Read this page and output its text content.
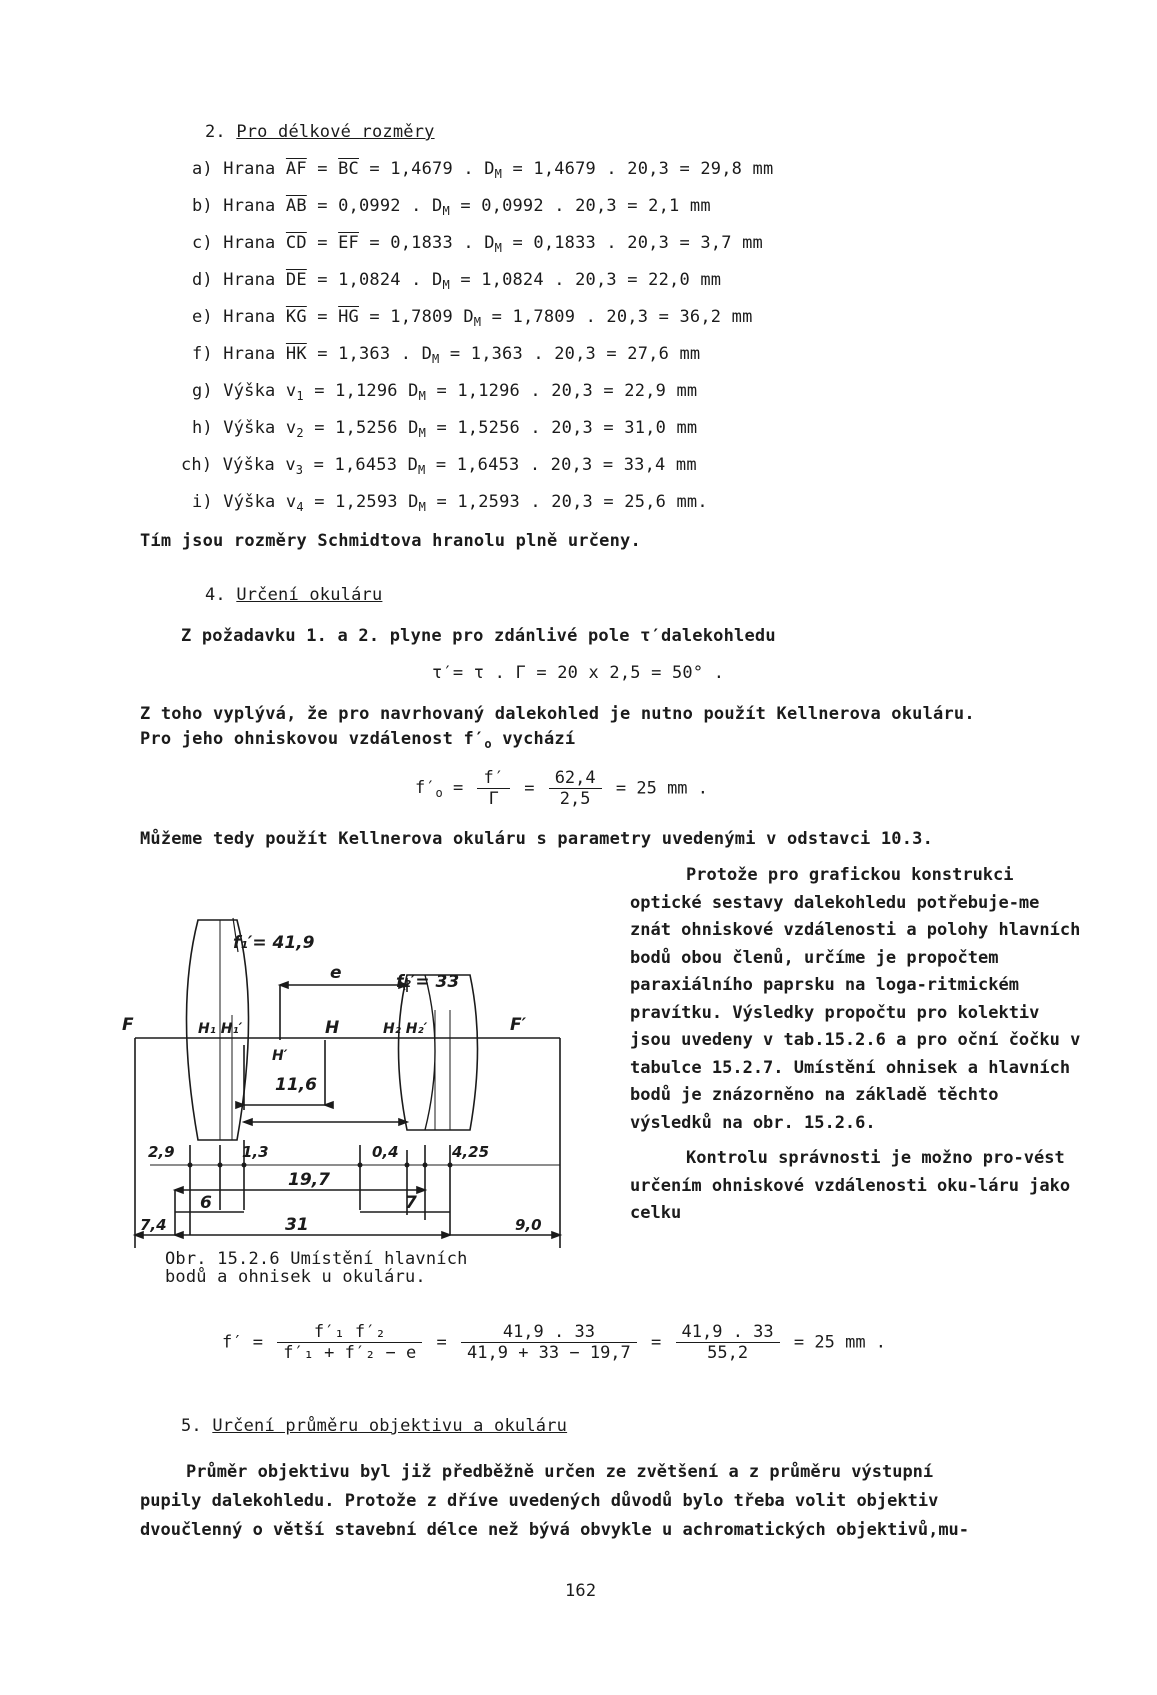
2. Pro délkové rozměry
a) Hrana $\overline{AF} = \overline{BC} = 1,4679$ . $D_M = 1,4679$ . 20,3 = 29,8 mm
b) Hrana $\overline{AB} = 0,0992$ . $D_M = 0,0992$ . 20,3 = 2,1 mm
c) Hrana $\overline{CD} = \overline{EF} = 0,1833$ . $D_M = 0,1833$ . 20,3 = 3,7 mm
d) Hrana $\overline{DE} = 1,0824$ . $D_M = 1,0824$ . 20,3 = 22,0 mm
e) Hrana $\overline{KG} = \overline{HG} = 1,7809$ $D_M = 1,7809$ . 20,3 = 36,2 mm
f) Hrana $\overline{HK} = 1,363$ . $D_M = 1,363$ . 20,3 = 27,6 mm
g) Výška $v_1 = 1,1296$ $D_M = 1,1296$ . 20,3 = 22,9 mm
h) Výška $v_2 = 1,5256$ $D_M = 1,5256$ . 20,3 = 31,0 mm
ch) Výška $v_3 = 1,6453$ $D_M = 1,6453$ . 20,3 = 33,4 mm
i) Výška $v_4 = 1,2593$ $D_M = 1,2593$ . 20,3 = 25,6 mm.
Tím jsou rozměry Schmidtova hranolu plně určeny.
4. Určení okuláru
Z požadavku 1. a 2. plyne pro zdánlivé pole τ′dalekohledu
τ′= τ . Γ = 20 x 2,5 = 50° .
Z toho vyplývá, že pro navrhovaný dalekohled je nutno použít Kellnerova okuláru.
Pro jeho ohniskovou vzdálenost $f'_o$ vychází
$f'_o = \frac{f'}{\Gamma} = \frac{62,4}{2,5} = 25$ mm .
Můžeme tedy použít Kellnerova okuláru s parametry uvedenými v odstavci 10.3.

Protože pro grafickou konstrukci optické sestavy dalekohledu potřebuje-me znát ohniskové vzdálenosti a polohy hlavních bodů obou členů, určíme je propočtem paraxiálního paprsku na loga-ritmickém pravítku. Výsledky propočtu pro kolektiv jsou uvedeny v tab.15.2.6 a pro oční čočku v tabulce 15.2.7. Umístění ohnisek a hlavních bodů je znázorněno na základě těchto výsledků na obr. 15.2.6.

Kontrolu správnosti je možno pro-vést určením ohniskové vzdálenosti oku-láru jako celku

f₁′= 41,9
f₂′= 33
e
F	F′
H₁ H₁′	H
H′
H₂ H₂′
11,6
2,9	1,3	0,4	4,25
19,7
6	7
7,4	31	9,0
Obr. 15.2.6 Umístění hlavních
bodů a ohnisek u okuláru.
$f' = \frac{\text{f′₁ f′₂}}{\text{f′₁ + f′₂ − e}} = \frac{41,9 . 33}{41,9 + 33 - 19,7} = \frac{41,9 . 33}{55,2} = 25$ mm .
5. Určení průměru objektivu a okuláru
Průměr objektivu byl již předběžně určen ze zvětšení a z průměru výstupní
pupily dalekohledu. Protože z dříve uvedených důvodů bylo třeba volit objektiv
dvoučlenný o větší stavební délce než bývá obvykle u achromatických objektivů,mu-
162
